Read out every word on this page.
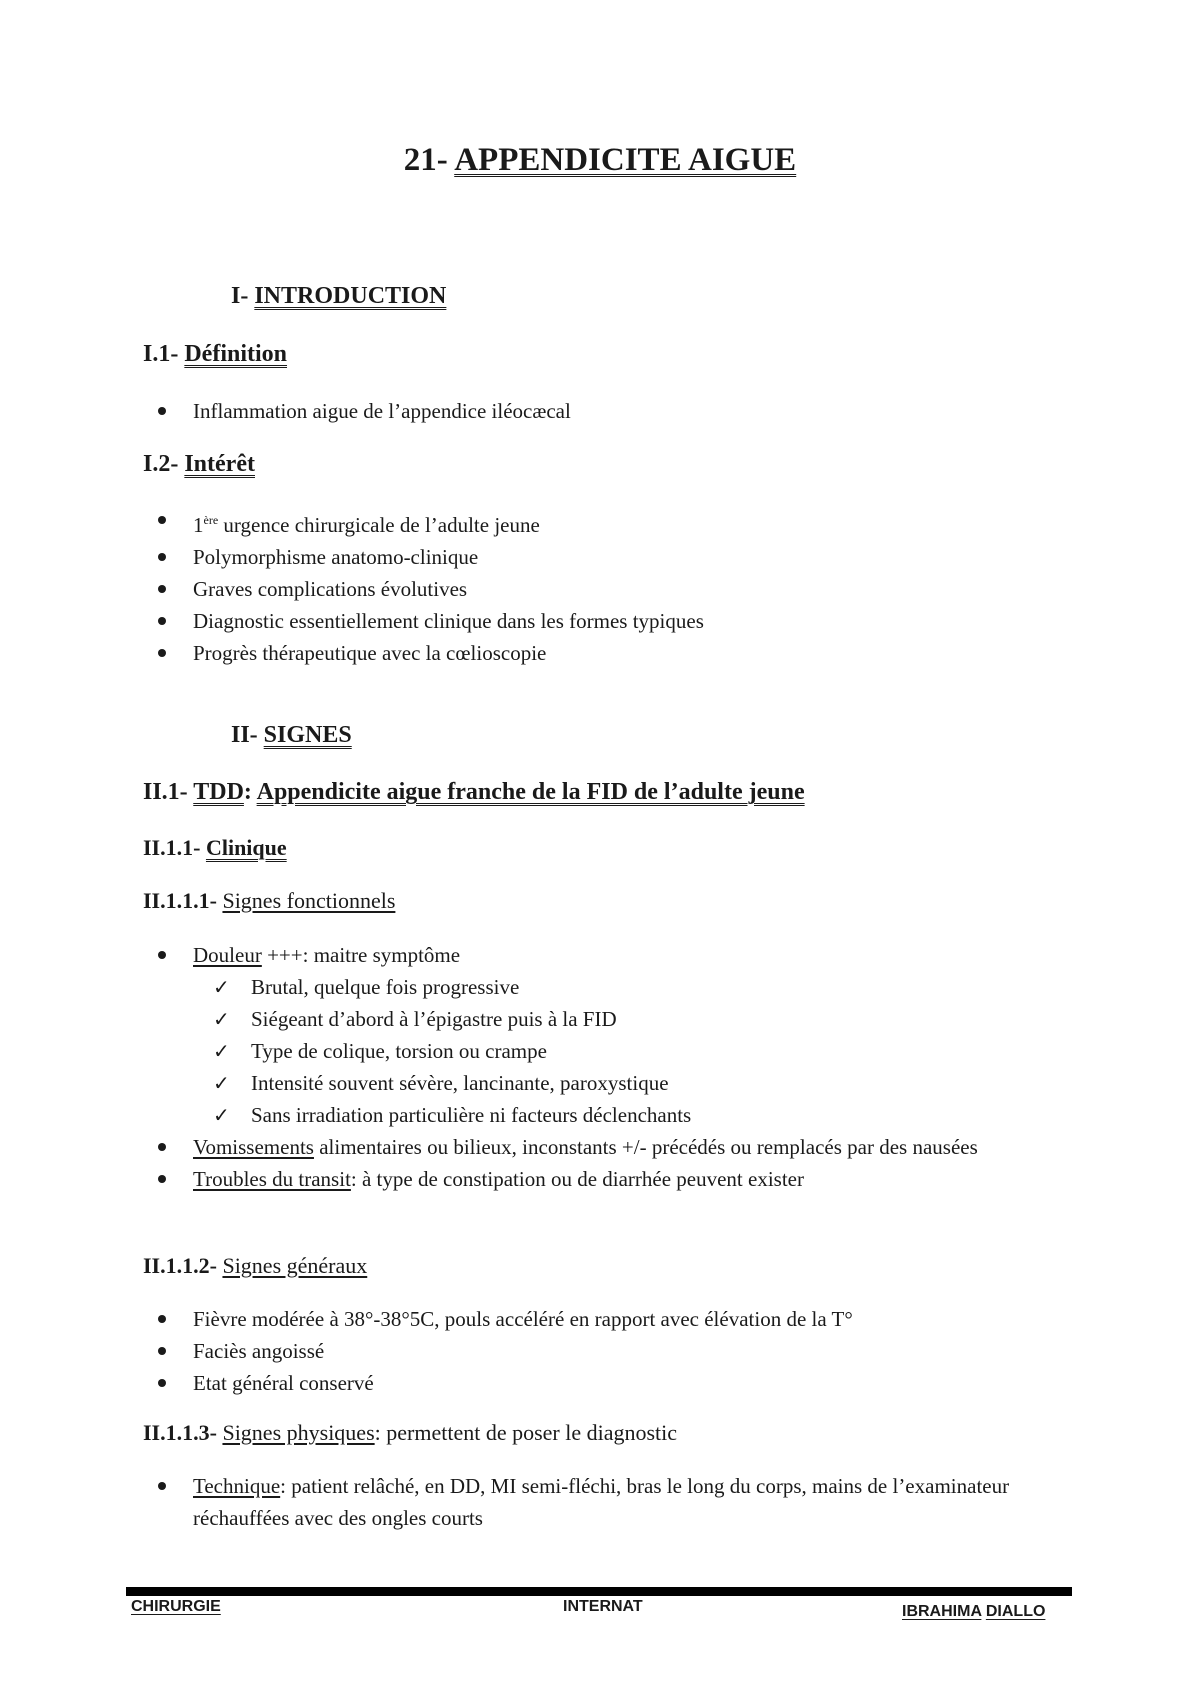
21- APPENDICITE AIGUE
I- INTRODUCTION
I.1- Définition
Inflammation aigue de l’appendice iléocæcal
I.2- Intérêt
1ère urgence chirurgicale de l’adulte jeune
Polymorphisme anatomo-clinique
Graves complications évolutives
Diagnostic essentiellement clinique dans les formes typiques
Progrès thérapeutique avec la cœlioscopie
II- SIGNES
II.1- TDD: Appendicite aigue franche de la FID de l’adulte jeune
II.1.1- Clinique
II.1.1.1- Signes fonctionnels
Douleur +++: maitre symptôme
✓ Brutal, quelque fois progressive
✓ Siégeant d’abord à l’épigastre puis à la FID
✓ Type de colique, torsion ou crampe
✓ Intensité souvent sévère, lancinante, paroxystique
✓ Sans irradiation particulière ni facteurs déclenchants
Vomissements alimentaires ou bilieux, inconstants +/- précédés ou remplacés par des nausées
Troubles du transit: à type de constipation ou de diarrhée peuvent exister
II.1.1.2- Signes généraux
Fièvre modérée à 38°-38°5C, pouls accéléré en rapport avec élévation de la T°
Faciès angoissé
Etat général conservé
II.1.1.3- Signes physiques: permettent de poser le diagnostic
Technique: patient relâché, en DD, MI semi-fléchi, bras le long du corps, mains de l’examinateur réchauffées avec des ongles courts
CHIRURGIE	INTERNAT	IBRAHIMA DIALLO
